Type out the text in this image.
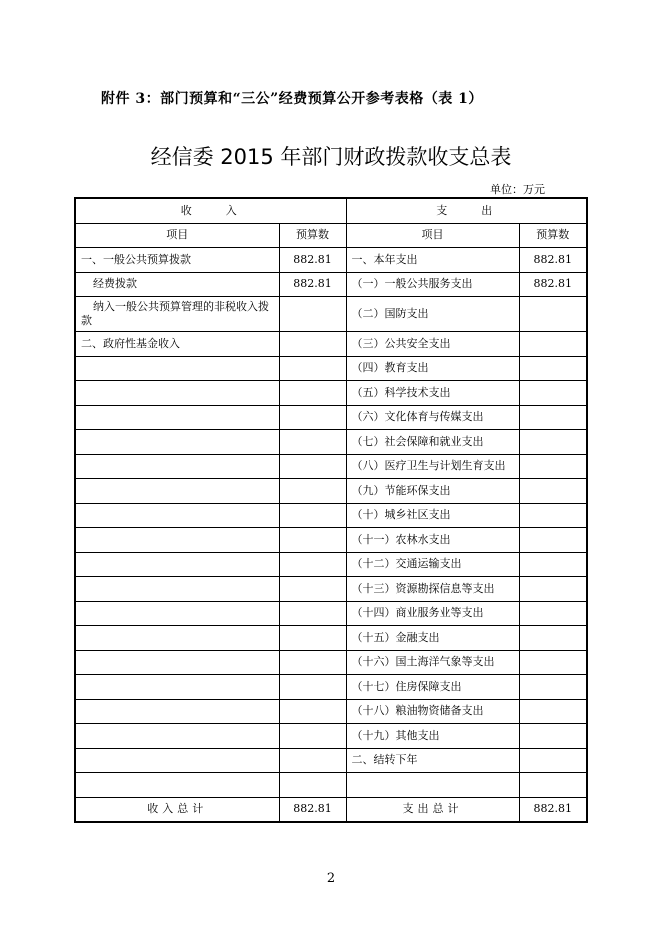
附件 3：部门预算和“三公”经费预算公开参考表格（表 1）
经信委 2015 年部门财政拨款收支总表
单位：万元
收　　入		支　　出	
项目	预算数	项目	预算数
一、一般公共预算拨款	882.81	一、本年支出	882.81
经费拨款	882.81	（一）一般公共服务支出	882.81
纳入一般公共预算管理的非税收入拨款		（二）国防支出	
二、政府性基金收入		（三）公共安全支出	
		（四）教育支出	
		（五）科学技术支出	
		（六）文化体育与传媒支出	
		（七）社会保障和就业支出	
		（八）医疗卫生与计划生育支出	
		（九）节能环保支出	
		（十）城乡社区支出	
		（十一）农林水支出	
		（十二）交通运输支出	
		（十三）资源勘探信息等支出	
		（十四）商业服务业等支出	
		（十五）金融支出	
		（十六）国土海洋气象等支出	
		（十七）住房保障支出	
		（十八）粮油物资储备支出	
		（十九）其他支出	
		二、结转下年	

收入总计	882.81	支出总计	882.81
2
